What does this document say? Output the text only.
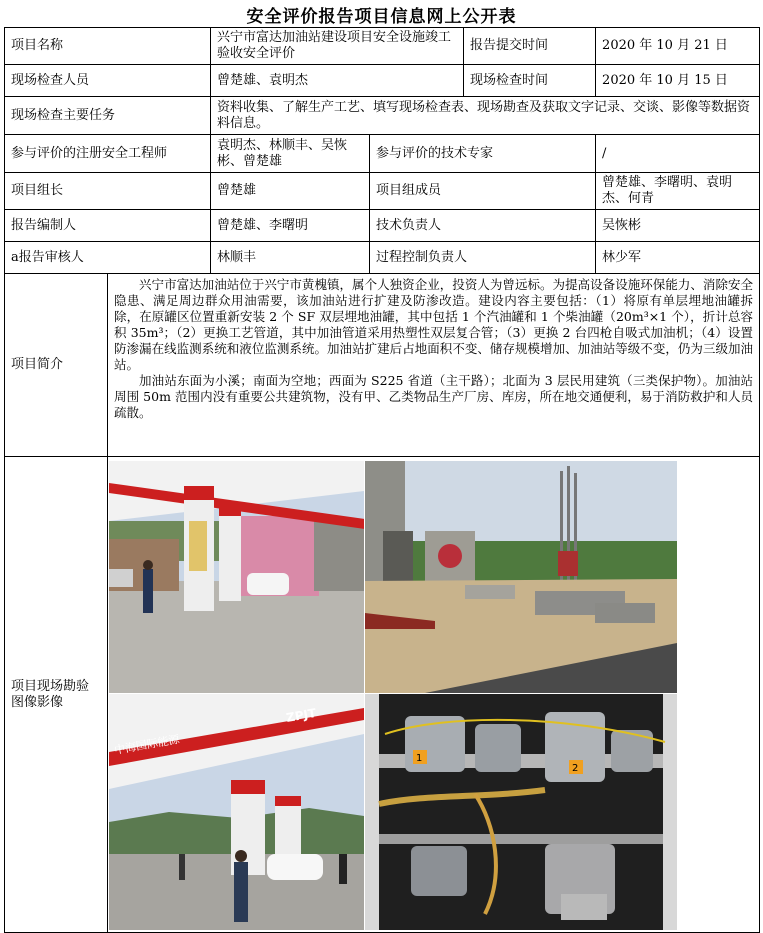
安全评价报告项目信息网上公开表
项目名称		兴宁市富达加油站建设项目安全设施竣工验收安全评价		报告提交时间	2020 年 10 月 21 日
现场检查人员		曾楚雄、袁明杰		现场检查时间	2020 年 10 月 15 日
现场检查主要任务		资料收集、了解生产工艺、填写现场检查表、现场勘查及获取文字记录、交谈、影像等数据资料信息。			
参与评价的注册安全工程师		袁明杰、林顺丰、吴恢彬、曾楚雄	参与评价的技术专家		/
项目组长		曾楚雄	项目组成员		曾楚雄、李曙明、袁明杰、何青
报告编制人		曾楚雄、李曙明	技术负责人		吴恢彬
a报告审核人		林顺丰	过程控制负责人		林少军
项目简介	兴宁市富达加油站位于兴宁市黄槐镇，属个人独资企业，投资人为曾远标。为提高设备设施环保能力、消除安全隐患、满足周边群众用油需要，该加油站进行扩建及防渗改造。建设内容主要包括：（1）将原有单层埋地油罐拆除，在原罐区位置重新安装 2 个 SF 双层埋地油罐，其中包括 1 个汽油罐和 1 个柴油罐（20m³×1 个），折计总容积 35m³；（2）更换工艺管道，其中加油管道采用热塑性双层复合管；（3）更换 2 台四枪自吸式加油机；（4）设置防渗漏在线监测系统和液位监测系统。加油站扩建后占地面积不变、储存规模增加、加油站等级不变，仍为三级加油站。

加油站东面为小溪；南面为空地；西面为 S225 省道（主干路）；北面为 3 层民用建筑（三类保护物）。加油站周围 50m 范围内没有重要公共建筑物，没有甲、乙类物品生产厂房、库房，所在地交通便利，易于消防救护和人员疏散。				

项目现场勘验图像影像	中海国际能源
ZPJT
1
2				
